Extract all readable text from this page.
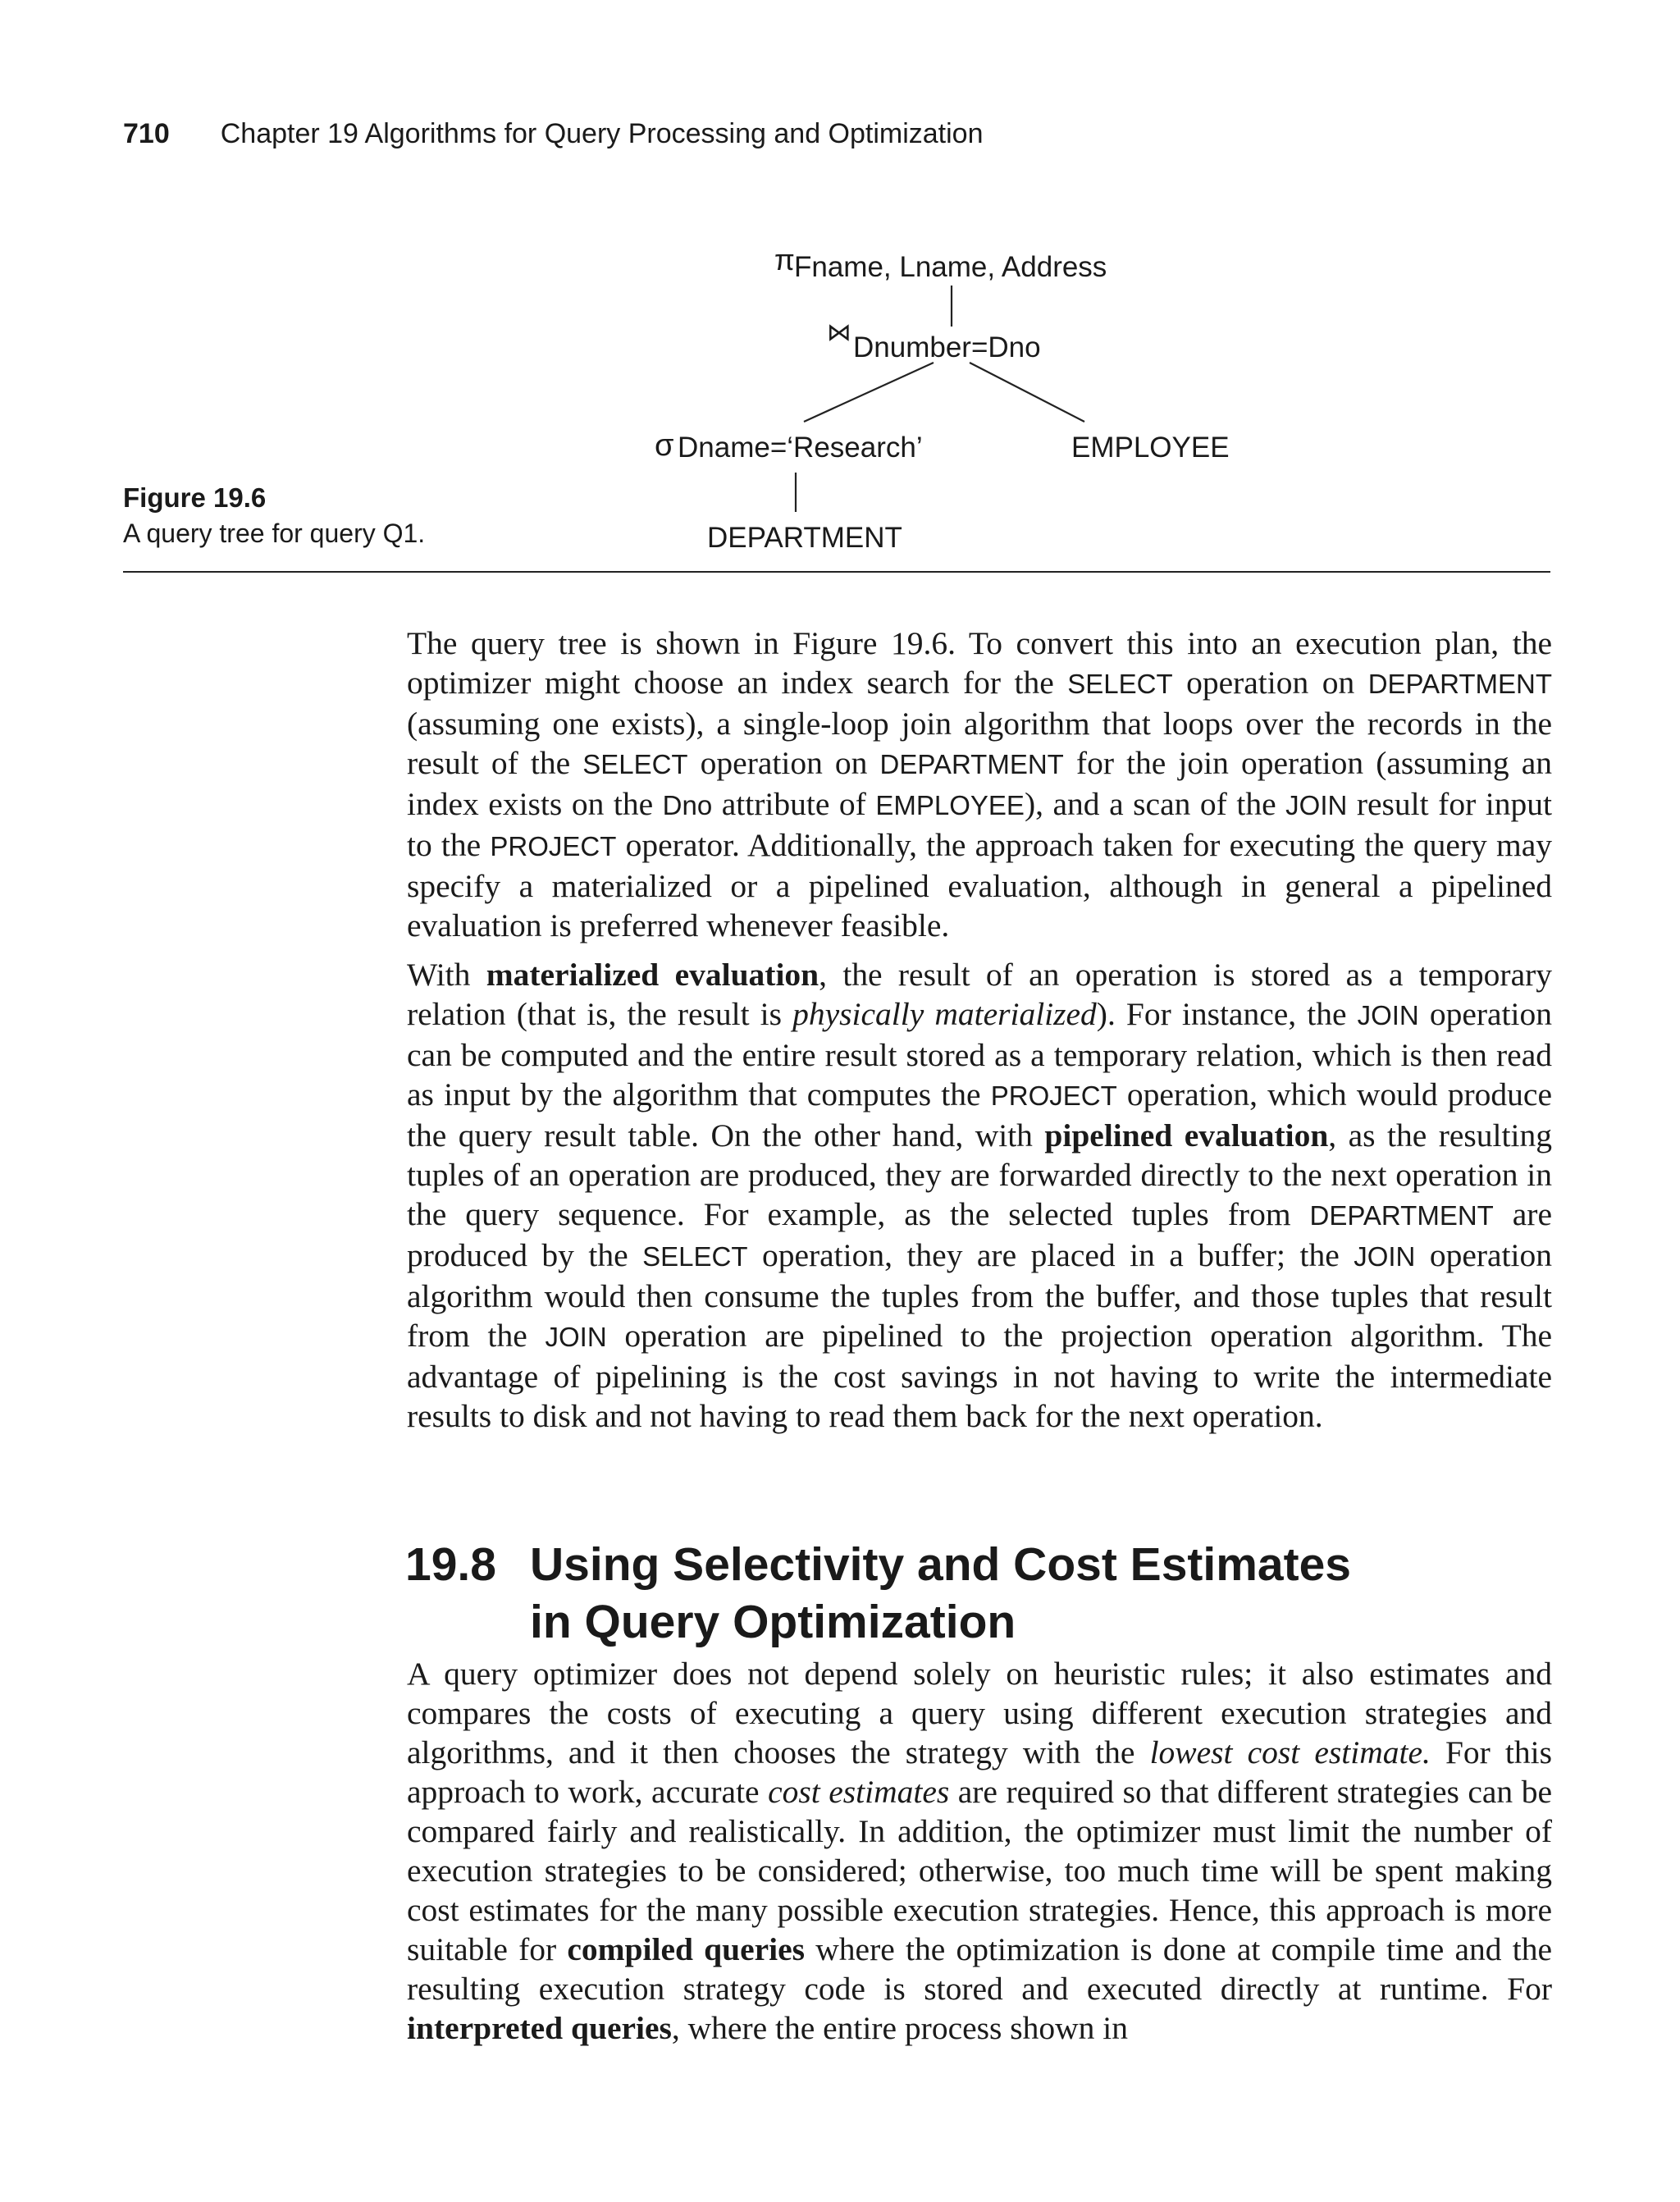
710 Chapter 19 Algorithms for Query Processing and Optimization
π Fname, Lname, Address
⋈ Dnumber=Dno
σ Dname=‘Research’	EMPLOYEE
DEPARTMENT
Figure 19.6
A query tree for query Q1.
The query tree is shown in Figure 19.6. To convert this into an execution plan, the optimizer might choose an index search for the SELECT operation on DEPARTMENT (assuming one exists), a single-loop join algorithm that loops over the records in the result of the SELECT operation on DEPARTMENT for the join operation (assuming an index exists on the Dno attribute of EMPLOYEE), and a scan of the JOIN result for input to the PROJECT operator. Additionally, the approach taken for executing the query may specify a materialized or a pipelined evaluation, although in general a pipelined evaluation is preferred whenever feasible.
With materialized evaluation, the result of an operation is stored as a temporary relation (that is, the result is physically materialized). For instance, the JOIN operation can be computed and the entire result stored as a temporary relation, which is then read as input by the algorithm that computes the PROJECT operation, which would produce the query result table. On the other hand, with pipelined evaluation, as the resulting tuples of an operation are produced, they are forwarded directly to the next operation in the query sequence. For example, as the selected tuples from DEPARTMENT are produced by the SELECT operation, they are placed in a buffer; the JOIN operation algorithm would then consume the tuples from the buffer, and those tuples that result from the JOIN operation are pipelined to the projection operation algorithm. The advantage of pipelining is the cost savings in not having to write the intermediate results to disk and not having to read them back for the next operation.
19.8 Using Selectivity and Cost Estimates
in Query Optimization
A query optimizer does not depend solely on heuristic rules; it also estimates and compares the costs of executing a query using different execution strategies and algorithms, and it then chooses the strategy with the lowest cost estimate. For this approach to work, accurate cost estimates are required so that different strategies can be compared fairly and realistically. In addition, the optimizer must limit the number of execution strategies to be considered; otherwise, too much time will be spent making cost estimates for the many possible execution strategies. Hence, this approach is more suitable for compiled queries where the optimization is done at compile time and the resulting execution strategy code is stored and executed directly at runtime. For interpreted queries, where the entire process shown in
